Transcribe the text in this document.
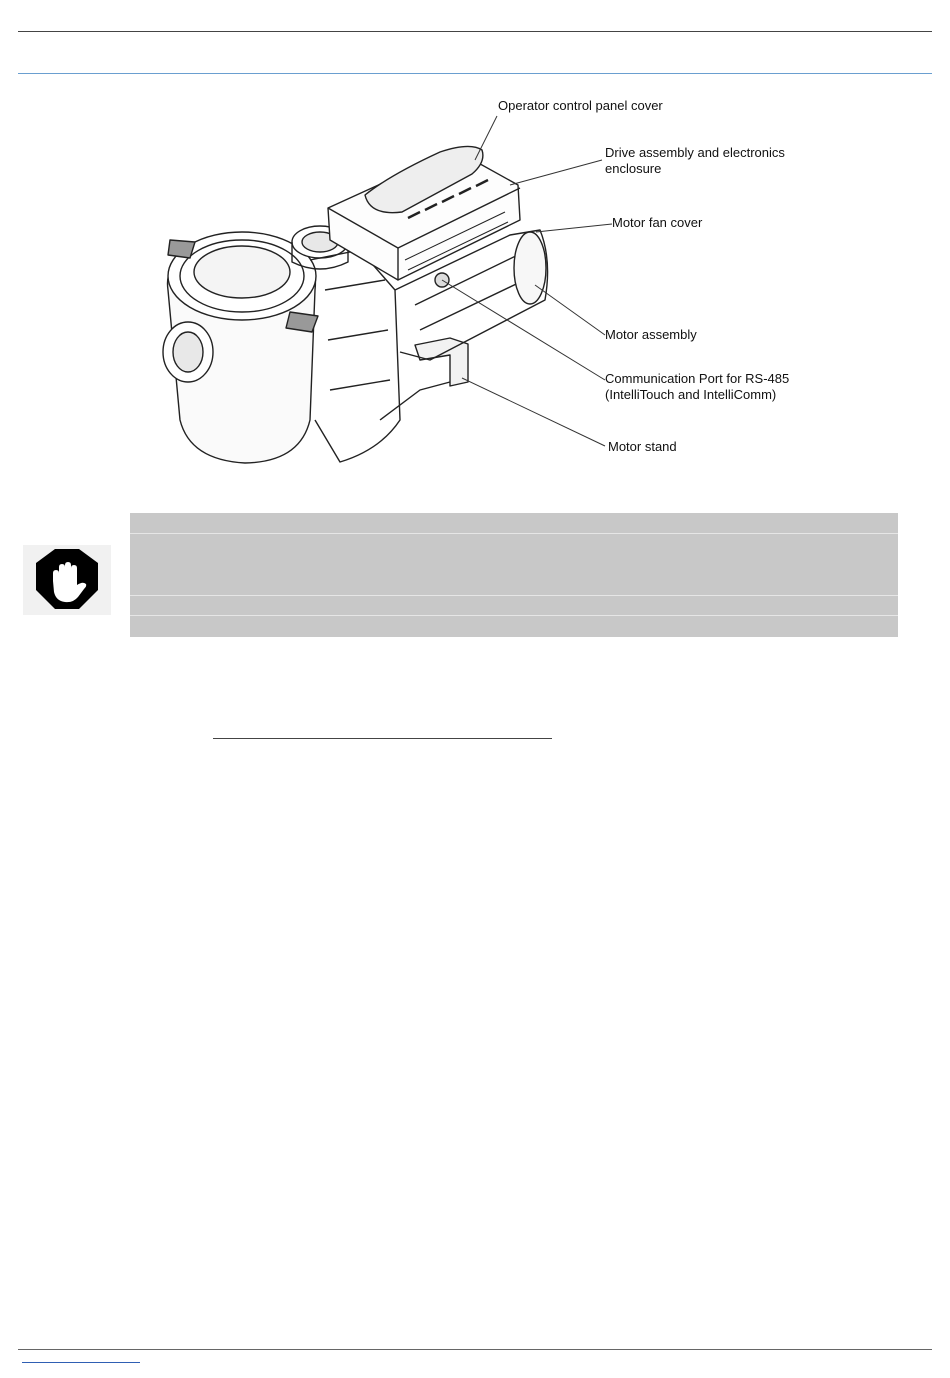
Operator control panel cover
Drive assembly and electronics
enclosure
Motor fan cover
Motor assembly
Communication Port for RS-485
(IntelliTouch and IntelliComm)
Motor stand
